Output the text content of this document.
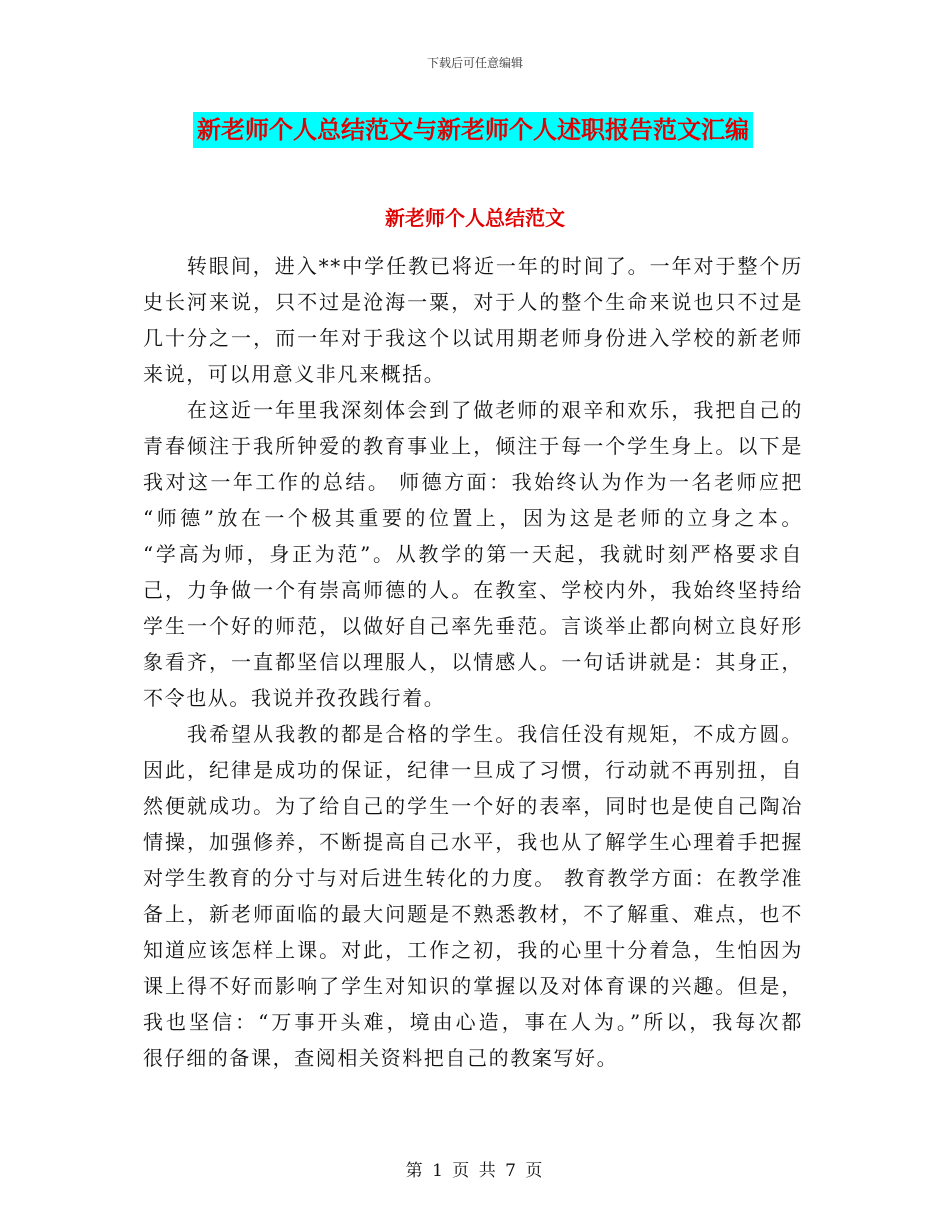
下载后可任意编辑
新老师个人总结范文与新老师个人述职报告范文汇编
新老师个人总结范文
　　转眼间，进入**中学任教已将近一年的时间了。一年对于整个历
史长河来说，只不过是沧海一粟，对于人的整个生命来说也只不过是
几十分之一，而一年对于我这个以试用期老师身份进入学校的新老师
来说，可以用意义非凡来概括。
　　在这近一年里我深刻体会到了做老师的艰辛和欢乐，我把自己的
青春倾注于我所钟爱的教育事业上，倾注于每一个学生身上。以下是
我对这一年工作的总结。 师德方面：我始终认为作为一名老师应把
“师德”放在一个极其重要的位置上，因为这是老师的立身之本。
“学高为师，身正为范”。从教学的第一天起，我就时刻严格要求自
己，力争做一个有崇高师德的人。在教室、学校内外，我始终坚持给
学生一个好的师范，以做好自己率先垂范。言谈举止都向树立良好形
象看齐，一直都坚信以理服人，以情感人。一句话讲就是：其身正，
不令也从。我说并孜孜践行着。
　　我希望从我教的都是合格的学生。我信任没有规矩，不成方圆。
因此，纪律是成功的保证，纪律一旦成了习惯，行动就不再别扭，自
然便就成功。为了给自己的学生一个好的表率，同时也是使自己陶冶
情操，加强修养，不断提高自己水平，我也从了解学生心理着手把握
对学生教育的分寸与对后进生转化的力度。 教育教学方面：在教学准
备上，新老师面临的最大问题是不熟悉教材，不了解重、难点，也不
知道应该怎样上课。对此，工作之初，我的心里十分着急，生怕因为
课上得不好而影响了学生对知识的掌握以及对体育课的兴趣。但是，
我也坚信：“万事开头难，境由心造，事在人为。”所以，我每次都
很仔细的备课，查阅相关资料把自己的教案写好。
第 1 页 共 7 页
